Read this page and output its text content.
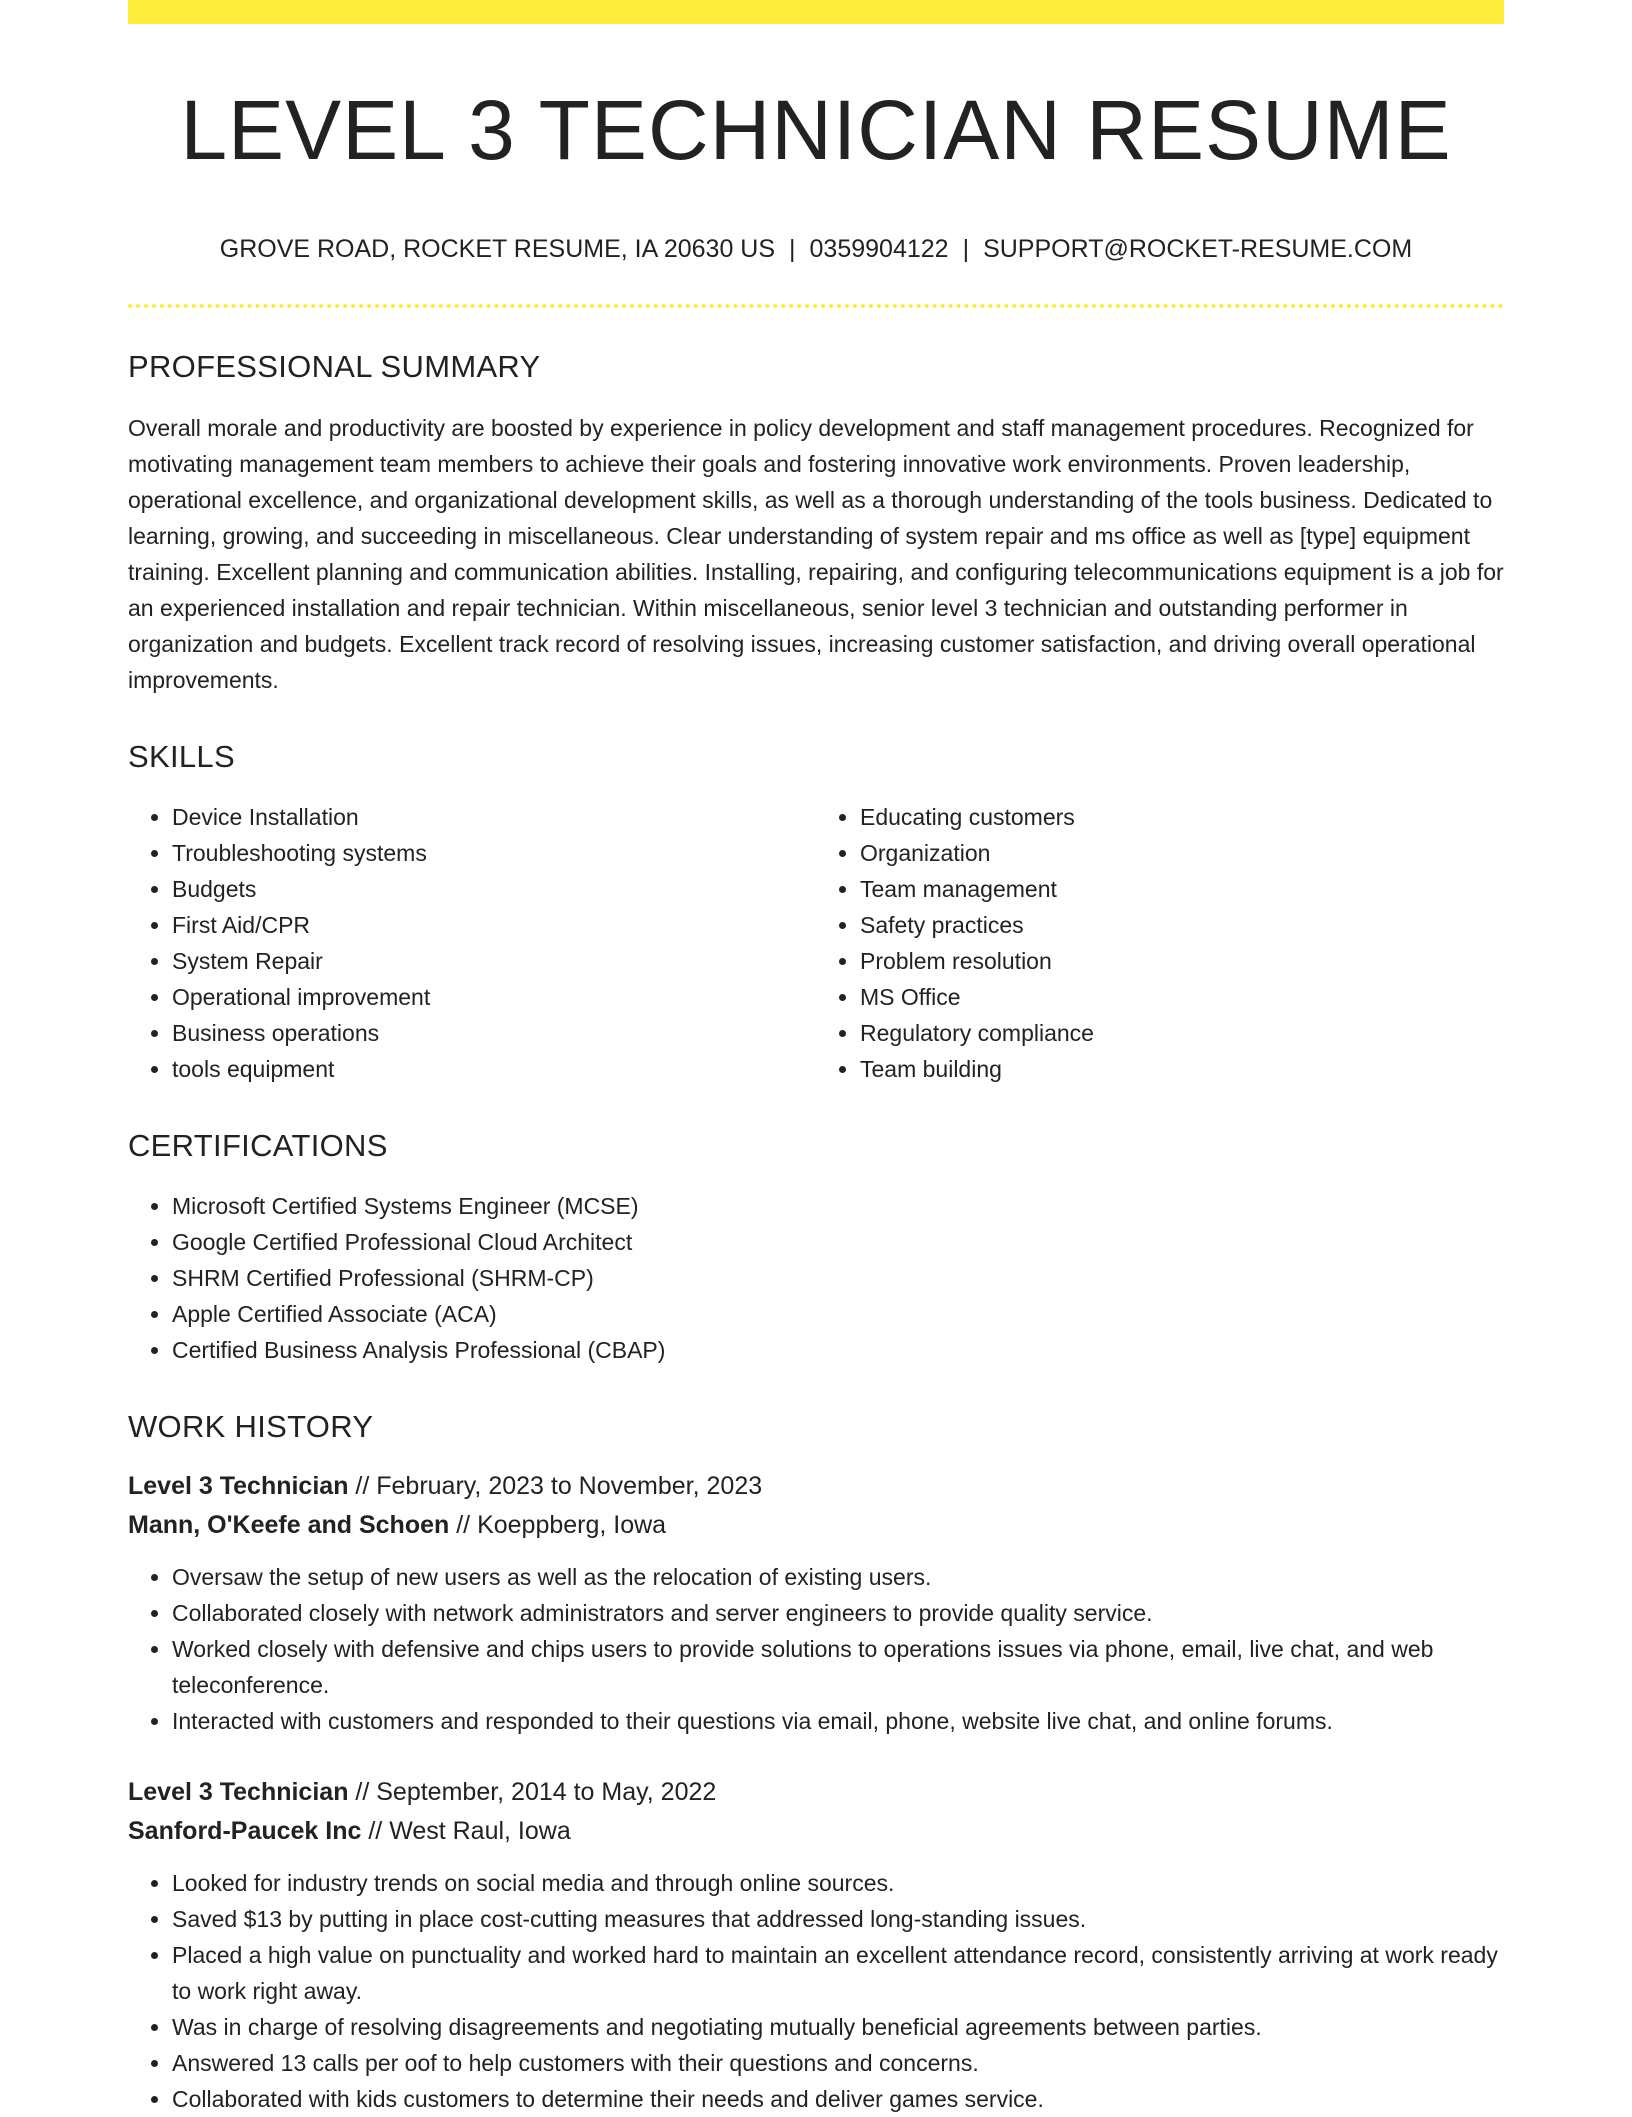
LEVEL 3 TECHNICIAN RESUME
GROVE ROAD, ROCKET RESUME, IA 20630 US | 0359904122 | SUPPORT@ROCKET-RESUME.COM
PROFESSIONAL SUMMARY

Overall morale and productivity are boosted by experience in policy development and staff management procedures. Recognized for motivating management team members to achieve their goals and fostering innovative work environments. Proven leadership, operational excellence, and organizational development skills, as well as a thorough understanding of the tools business. Dedicated to learning, growing, and succeeding in miscellaneous. Clear understanding of system repair and ms office as well as [type] equipment training. Excellent planning and communication abilities. Installing, repairing, and configuring telecommunications equipment is a job for an experienced installation and repair technician. Within miscellaneous, senior level 3 technician and outstanding performer in organization and budgets. Excellent track record of resolving issues, increasing customer satisfaction, and driving overall operational improvements.

SKILLS
• Device Installation
• Troubleshooting systems
• Budgets
• First Aid/CPR
• System Repair
• Operational improvement
• Business operations
• tools equipment
• Educating customers
• Organization
• Team management
• Safety practices
• Problem resolution
• MS Office
• Regulatory compliance
• Team building
CERTIFICATIONS
• Microsoft Certified Systems Engineer (MCSE)
• Google Certified Professional Cloud Architect
• SHRM Certified Professional (SHRM-CP)
• Apple Certified Associate (ACA)
• Certified Business Analysis Professional (CBAP)
WORK HISTORY
Level 3 Technician // February, 2023 to November, 2023
Mann, O'Keefe and Schoen // Koeppberg, Iowa
• Oversaw the setup of new users as well as the relocation of existing users.
• Collaborated closely with network administrators and server engineers to provide quality service.
• Worked closely with defensive and chips users to provide solutions to operations issues via phone, email, live chat, and web teleconference.
• Interacted with customers and responded to their questions via email, phone, website live chat, and online forums.
Level 3 Technician // September, 2014 to May, 2022
Sanford-Paucek Inc // West Raul, Iowa
• Looked for industry trends on social media and through online sources.
• Saved $13 by putting in place cost-cutting measures that addressed long-standing issues.
• Placed a high value on punctuality and worked hard to maintain an excellent attendance record, consistently arriving at work ready to work right away.
• Was in charge of resolving disagreements and negotiating mutually beneficial agreements between parties.
• Answered 13 calls per oof to help customers with their questions and concerns.
• Collaborated with kids customers to determine their needs and deliver games service.
